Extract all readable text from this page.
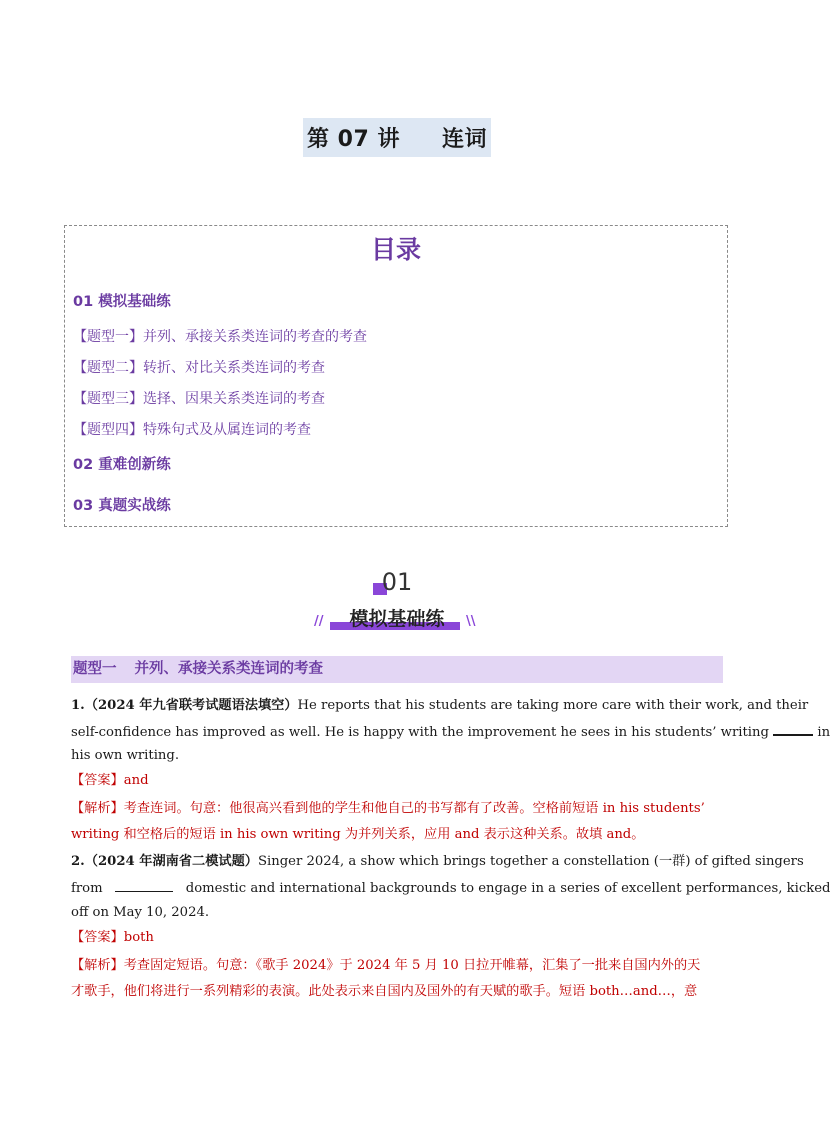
第 07 讲 连词
目录
01 模拟基础练
【题型一】并列、承接关系类连词的考查的考查
【题型二】转折、对比关系类连词的考查
【题型三】选择、因果关系类连词的考查
【题型四】特殊句式及从属连词的考查
02 重难创新练
03 真题实战练
01
//	模拟基础练	\\
题型一 并列、承接关系类连词的考查
1.（2024 年九省联考试题语法填空）He reports that his students are taking more care with their work, and their
self-confidence has improved as well. He is happy with the improvement he sees in his students’ writing	in
his own writing.
【答案】and
【解析】考查连词。句意：他很高兴看到他的学生和他自己的书写都有了改善。空格前短语 in his students’
writing 和空格后的短语 in his own writing 为并列关系，应用 and 表示这种关系。故填 and。
2.（2024 年湖南省二模试题）Singer 2024, a show which brings together a constellation (一群) of gifted singers
from	domestic and international backgrounds to engage in a series of excellent performances, kicked
off on May 10, 2024.
【答案】both
【解析】考查固定短语。句意：《歌手 2024》于 2024 年 5 月 10 日拉开帷幕，汇集了一批来自国内外的天
才歌手，他们将进行一系列精彩的表演。此处表示来自国内及国外的有天赋的歌手。短语 both…and…，意
